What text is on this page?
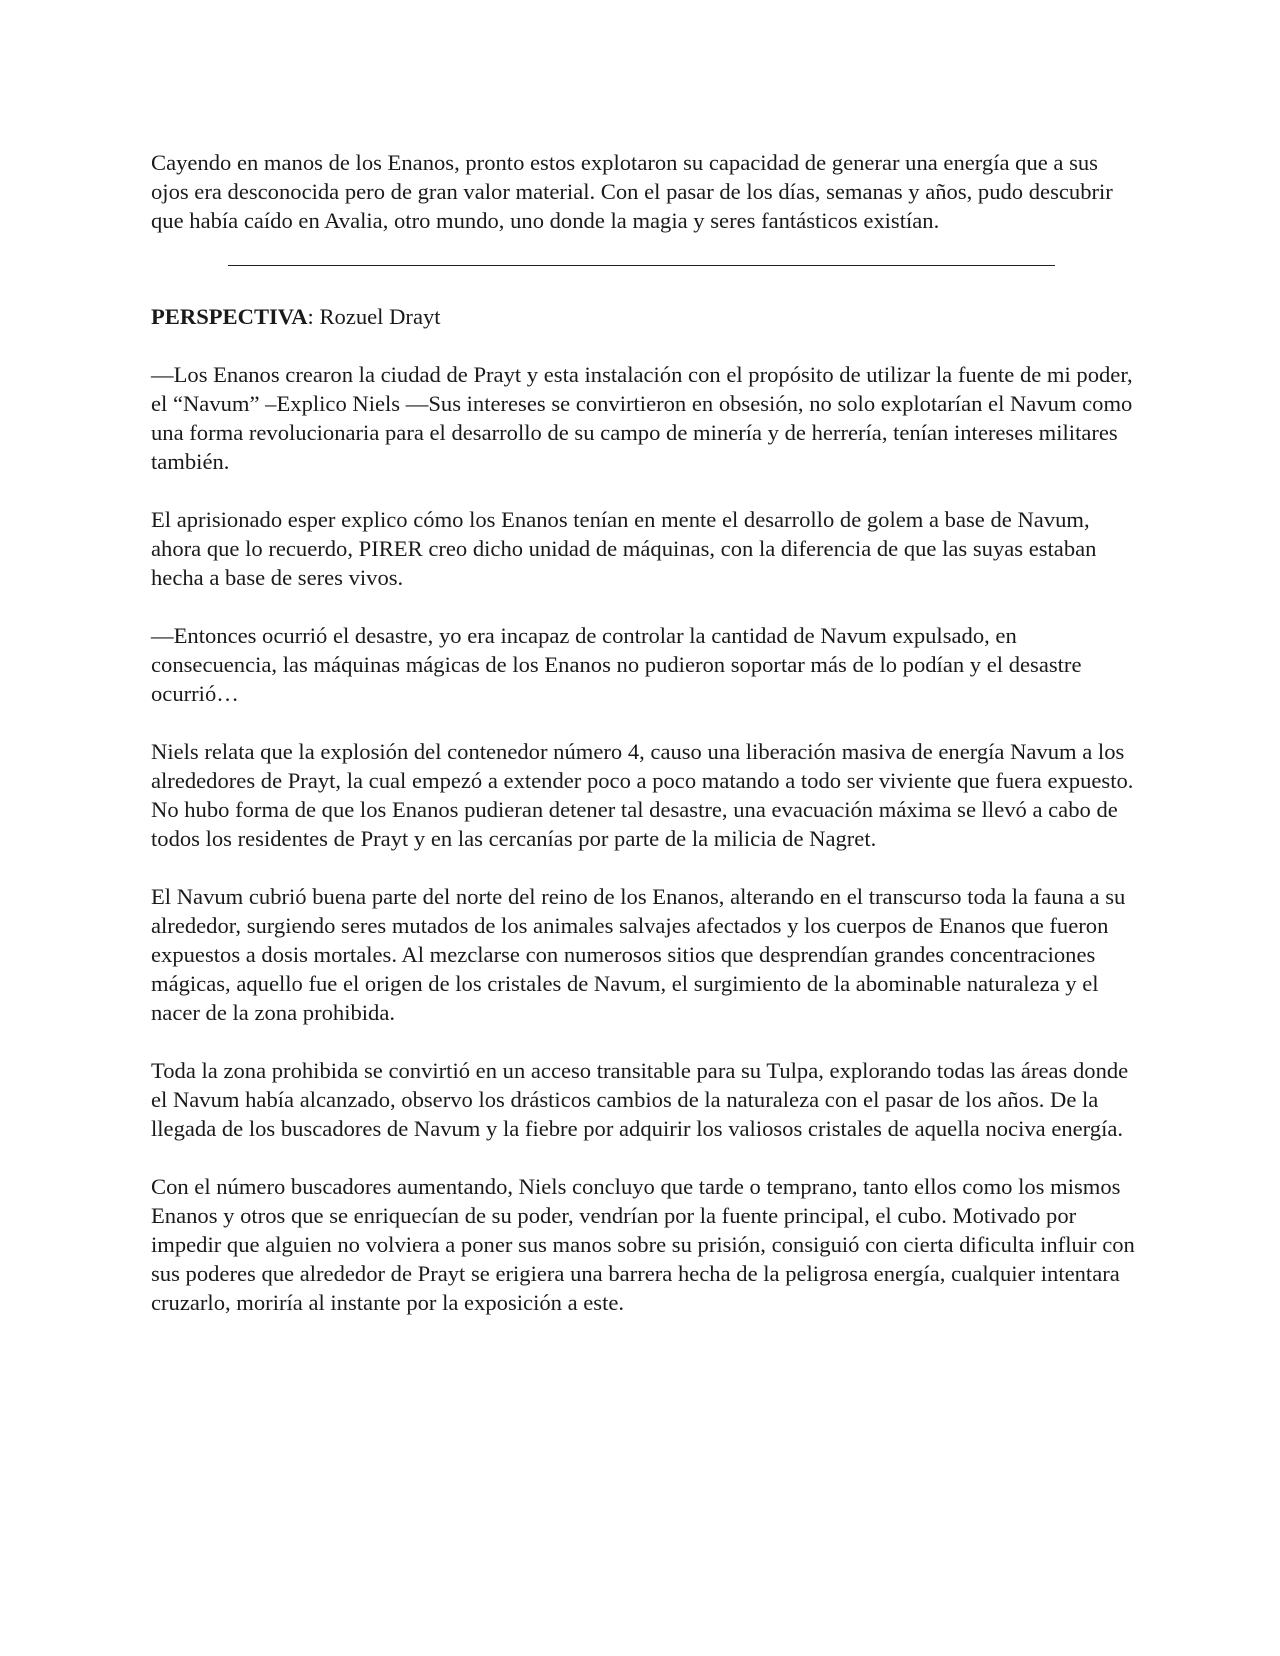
Cayendo en manos de los Enanos, pronto estos explotaron su capacidad de generar una energía que a sus ojos era desconocida pero de gran valor material. Con el pasar de los días, semanas y años, pudo descubrir que había caído en Avalia, otro mundo, uno donde la magia y seres fantásticos existían.

PERSPECTIVA: Rozuel Drayt

—Los Enanos crearon la ciudad de Prayt y esta instalación con el propósito de utilizar la fuente de mi poder, el “Navum” –Explico Niels —Sus intereses se convirtieron en obsesión, no solo explotarían el Navum como una forma revolucionaria para el desarrollo de su campo de minería y de herrería, tenían intereses militares también.

El aprisionado esper explico cómo los Enanos tenían en mente el desarrollo de golem a base de Navum, ahora que lo recuerdo, PIRER creo dicho unidad de máquinas, con la diferencia de que las suyas estaban hecha a base de seres vivos.

—Entonces ocurrió el desastre, yo era incapaz de controlar la cantidad de Navum expulsado, en consecuencia, las máquinas mágicas de los Enanos no pudieron soportar más de lo podían y el desastre ocurrió…

Niels relata que la explosión del contenedor número 4, causo una liberación masiva de energía Navum a los alrededores de Prayt, la cual empezó a extender poco a poco matando a todo ser viviente que fuera expuesto. No hubo forma de que los Enanos pudieran detener tal desastre, una evacuación máxima se llevó a cabo de todos los residentes de Prayt y en las cercanías por parte de la milicia de Nagret.

El Navum cubrió buena parte del norte del reino de los Enanos, alterando en el transcurso toda la fauna a su alrededor, surgiendo seres mutados de los animales salvajes afectados y los cuerpos de Enanos que fueron expuestos a dosis mortales. Al mezclarse con numerosos sitios que desprendían grandes concentraciones mágicas, aquello fue el origen de los cristales de Navum, el surgimiento de la abominable naturaleza y el nacer de la zona prohibida.

Toda la zona prohibida se convirtió en un acceso transitable para su Tulpa, explorando todas las áreas donde el Navum había alcanzado, observo los drásticos cambios de la naturaleza con el pasar de los años. De la llegada de los buscadores de Navum y la fiebre por adquirir los valiosos cristales de aquella nociva energía.

Con el número buscadores aumentando, Niels concluyo que tarde o temprano, tanto ellos como los mismos Enanos y otros que se enriquecían de su poder, vendrían por la fuente principal, el cubo. Motivado por impedir que alguien no volviera a poner sus manos sobre su prisión, consiguió con cierta dificulta influir con sus poderes que alrededor de Prayt se erigiera una barrera hecha de la peligrosa energía, cualquier intentara cruzarlo, moriría al instante por la exposición a este.
